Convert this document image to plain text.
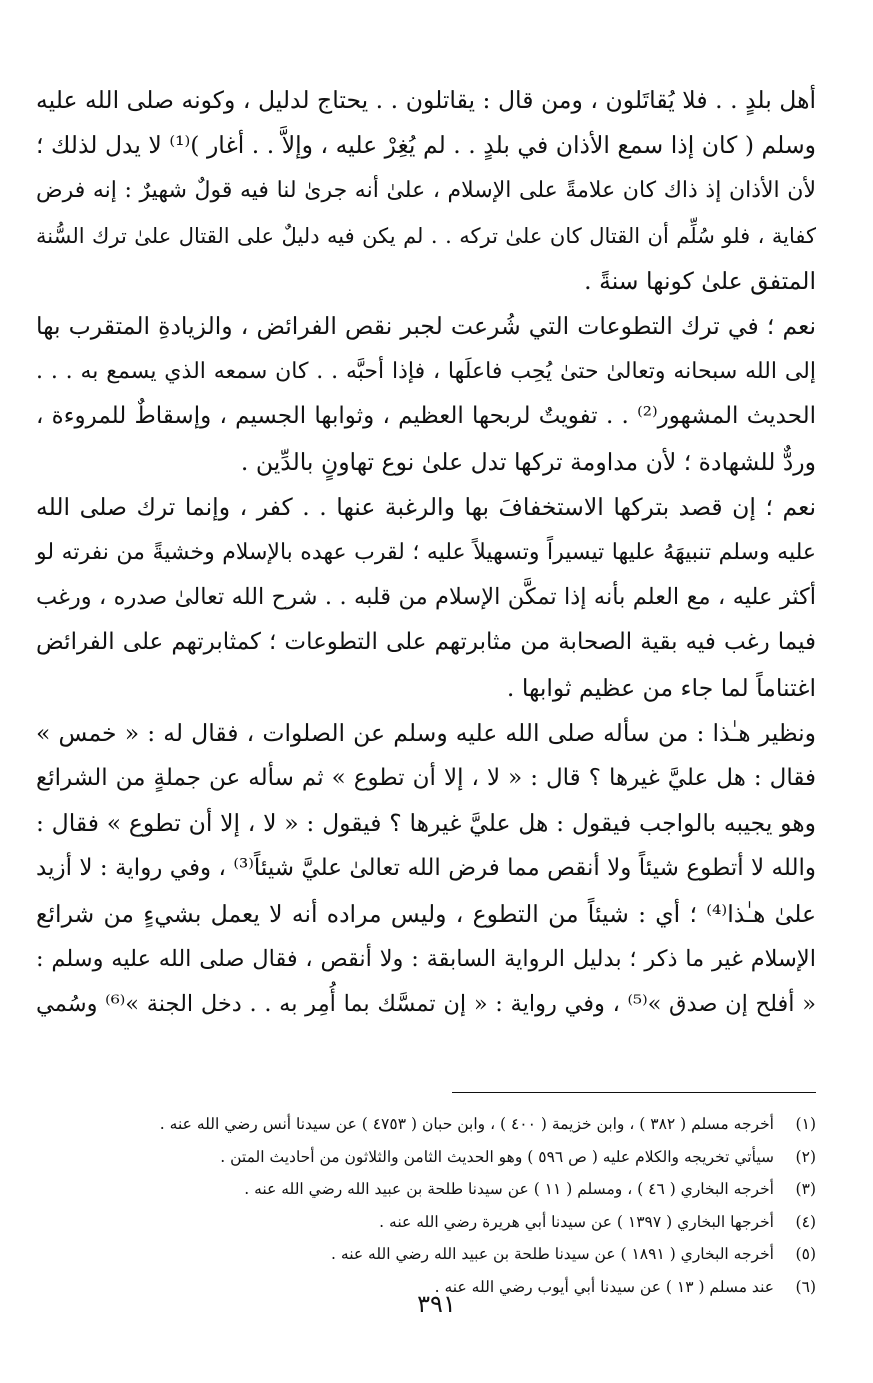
أهل بلدٍ . . فلا يُقاتَلون ، ومن قال : يقاتلون . . يحتاج لدليل ، وكونه صلى الله عليه
وسلم ( كان إذا سمع الأذان في بلدٍ . . لم يُغِرْ عليه ، وإلاَّ . . أغار )⁽¹⁾ لا يدل لذلك ؛
لأن الأذان إذ ذاك كان علامةً على الإسلام ، علىٰ أنه جرىٰ لنا فيه قولٌ شهيرٌ : إنه فرض
كفاية ، فلو سُلِّم أن القتال كان علىٰ تركه . . لم يكن فيه دليلٌ على القتال علىٰ ترك السُّنة
المتفق علىٰ كونها سنةً .
نعم ؛ في ترك التطوعات التي شُرعت لجبر نقص الفرائض ، والزيادةِ المتقرب بها
إلى الله سبحانه وتعالىٰ حتىٰ يُحِب فاعلَها ، فإذا أحبَّه . . كان سمعه الذي يسمع به . . .
الحديث المشهور⁽²⁾ . . تفويتٌ لربحها العظيم ، وثوابها الجسيم ، وإسقاطٌ للمروءة ،
وردٌّ للشهادة ؛ لأن مداومة تركها تدل علىٰ نوع تهاونٍ بالدِّين .
نعم ؛ إن قصد بتركها الاستخفافَ بها والرغبة عنها . . كفر ، وإنما ترك صلى الله
عليه وسلم تنبيهَهُ عليها تيسيراً وتسهيلاً عليه ؛ لقرب عهده بالإسلام وخشيةً من نفرته لو
أكثر عليه ، مع العلم بأنه إذا تمكَّن الإسلام من قلبه . . شرح الله تعالىٰ صدره ، ورغب
فيما رغب فيه بقية الصحابة من مثابرتهم على التطوعات ؛ كمثابرتهم على الفرائض
اغتناماً لما جاء من عظيم ثوابها .
ونظير هـٰذا : من سأله صلى الله عليه وسلم عن الصلوات ، فقال له : « خمس »
فقال : هل عليَّ غيرها ؟ قال : « لا ، إلا أن تطوع » ثم سأله عن جملةٍ من الشرائع
وهو يجيبه بالواجب فيقول : هل عليَّ غيرها ؟ فيقول : « لا ، إلا أن تطوع » فقال :
والله لا أتطوع شيئاً ولا أنقص مما فرض الله تعالىٰ عليَّ شيئاً⁽³⁾ ، وفي رواية : لا أزيد
علىٰ هـٰذا⁽⁴⁾ ؛ أي : شيئاً من التطوع ، وليس مراده أنه لا يعمل بشيءٍ من شرائع
الإسلام غير ما ذكر ؛ بدليل الرواية السابقة : ولا أنقص ، فقال صلى الله عليه وسلم :
« أفلح إن صدق »⁽⁵⁾ ، وفي رواية : « إن تمسَّك بما أُمِر به . . دخل الجنة »⁽⁶⁾ وسُمي
(١)
أخرجه مسلم ( ٣٨٢ ) ، وابن خزيمة ( ٤٠٠ ) ، وابن حبان ( ٤٧٥٣ ) عن سيدنا أنس رضي الله عنه .
(٢)
سيأتي تخريجه والكلام عليه ( ص ٥٩٦ ) وهو الحديث الثامن والثلاثون من أحاديث المتن .
(٣)
أخرجه البخاري ( ٤٦ ) ، ومسلم ( ١١ ) عن سيدنا طلحة بن عبيد الله رضي الله عنه .
(٤)
أخرجها البخاري ( ١٣٩٧ ) عن سيدنا أبي هريرة رضي الله عنه .
(٥)
أخرجه البخاري ( ١٨٩١ ) عن سيدنا طلحة بن عبيد الله رضي الله عنه .
(٦)
عند مسلم ( ١٣ ) عن سيدنا أبي أيوب رضي الله عنه .
٣٩١
